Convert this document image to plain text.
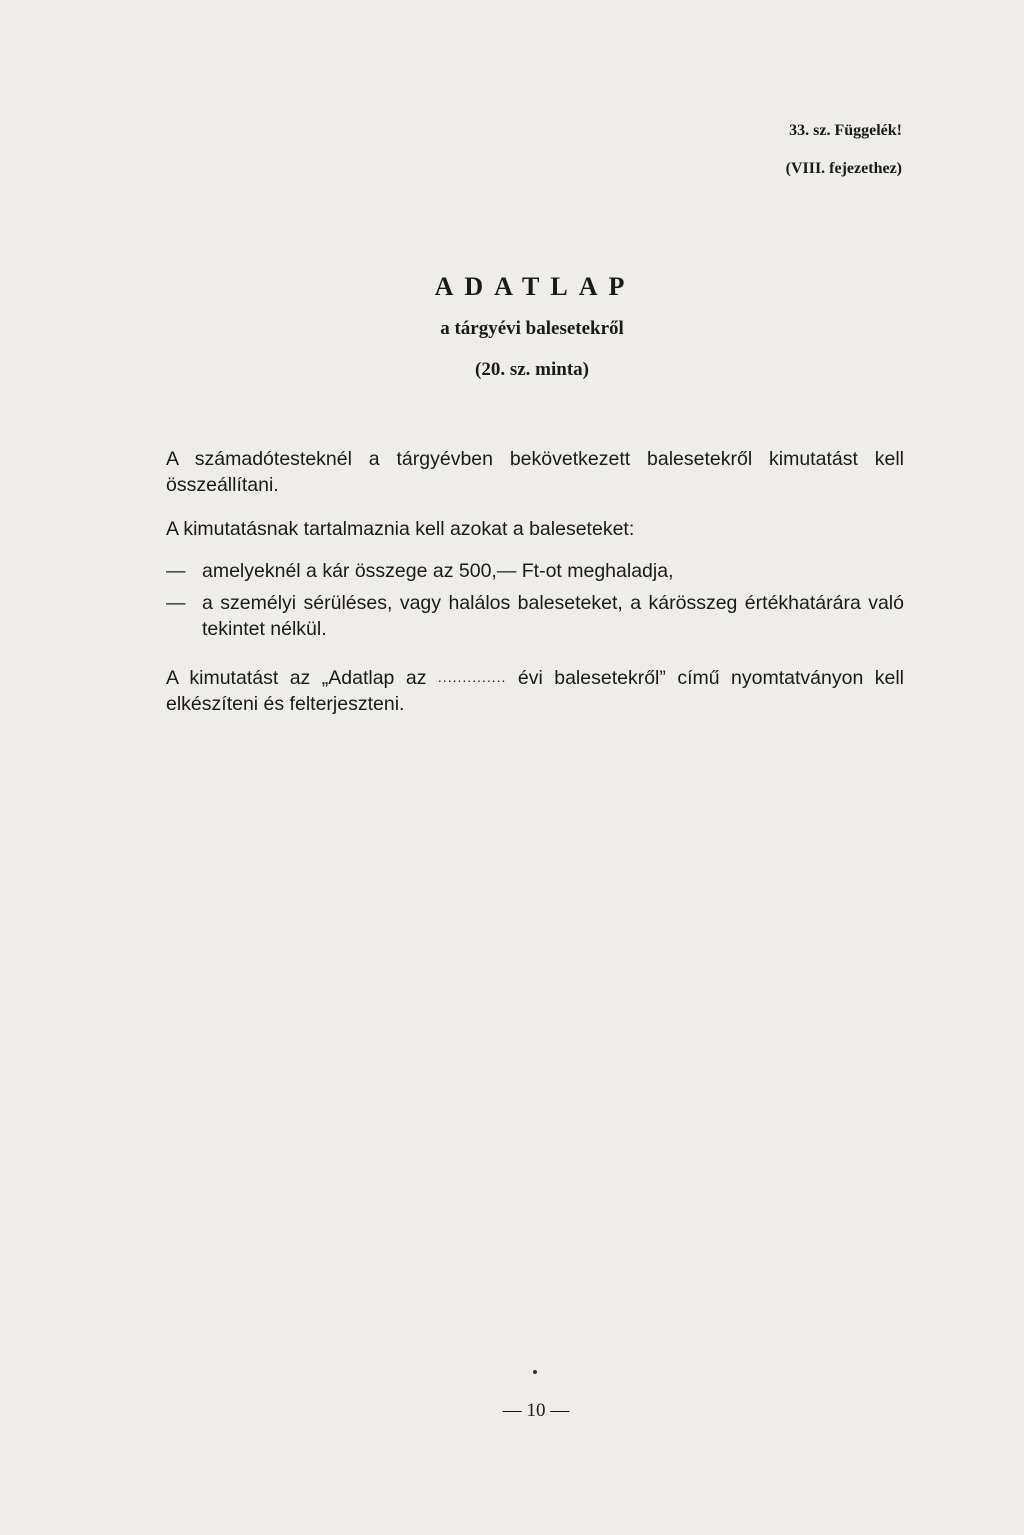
33. sz. Függelék!
(VIII. fejezethez)
ADATLAP
a tárgyévi balesetekről
(20. sz. minta)

A számadótesteknél a tárgyévben bekövetkezett balesetekről kimutatást kell összeállítani.

A kimutatásnak tartalmaznia kell azokat a baleseteket:

— amelyeknél a kár összege az 500,— Ft-ot meghaladja,

— a személyi sérüléses, vagy halálos baleseteket, a kárösszeg értékhatárára való tekintet nélkül.

A kimutatást az „Adatlap az .............. évi balesetekről” című nyomtatványon kell elkészíteni és felterjeszteni.

— 10 —
